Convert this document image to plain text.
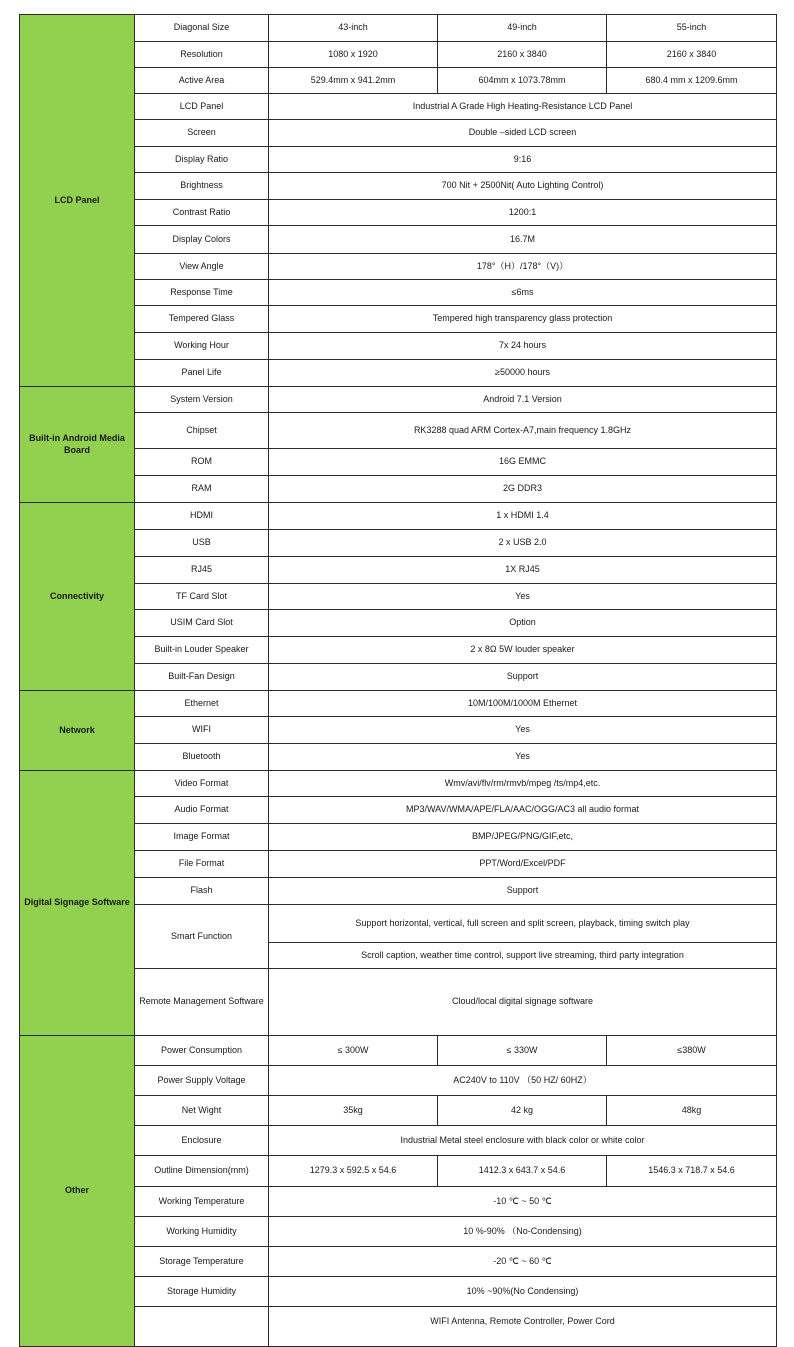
LCD Panel	Diagonal Size	43-inch	49-inch	55-inch
	Resolution	1080 x 1920	2160 x 3840	2160 x 3840
	Active Area	529.4mm x 941.2mm	604mm x 1073.78mm	680.4 mm x 1209.6mm
	LCD Panel	Industrial A Grade High Heating-Resistance LCD Panel		
	Screen	Double –sided LCD screen		
	Display Ratio	9:16		
	Brightness	700 Nit + 2500Nit( Auto Lighting Control)		
	Contrast Ratio	1200:1		
	Display Colors	16.7M		
	View Angle	178°（H）/178°（V)）		
	Response Time	≤6ms		
	Tempered Glass	Tempered high transparency glass protection		
	Working Hour	7x 24 hours		
	Panel Life	≥50000 hours		
Built-in Android Media Board	System Version	Android 7.1 Version		
	Chipset	RK3288 quad ARM Cortex-A7,main frequency 1.8GHz		
	ROM	16G EMMC		
	RAM	2G DDR3		
Connectivity	HDMI	1 x HDMI 1.4		
	USB	2 x USB 2.0		
	RJ45	1X RJ45		
	TF Card Slot	Yes		
	USIM Card Slot	Option		
	Built-in Louder Speaker	2 x 8Ω 5W louder speaker		
	Built-Fan Design	Support		
Network	Ethernet	10M/100M/1000M Ethernet		
	WIFI	Yes		
	Bluetooth	Yes		
Digital Signage Software	Video Format	Wmv/avi/flv/rm/rmvb/mpeg /ts/mp4,etc.		
	Audio Format	MP3/WAV/WMA/APE/FLA/AAC/OGG/AC3 all audio format		
	Image Format	BMP/JPEG/PNG/GIF,etc,		
	File Format	PPT/Word/Excel/PDF		
	Flash	Support		
	Smart Function	Support horizontal, vertical, full screen and split screen, playback, timing switch play		
		Scroll caption, weather time control, support live streaming, third party integration		
	Remote Management Software	Cloud/local digital signage software		
Other	Power Consumption	≤ 300W	≤ 330W	≤380W
	Power Supply Voltage	AC240V to 110V （50 HZ/ 60HZ）		
	Net Wight	35kg	42 kg	48kg
	Enclosure	Industrial Metal steel enclosure with black color or white color		
	Outline Dimension(mm)	1279.3 x 592.5 x 54.6	1412.3 x 643.7 x 54.6	1546.3 x 718.7 x 54.6
	Working Temperature	-10 ℃ ~ 50 ℃		
	Working Humidity	10 %-90% （No-Condensing)		
	Storage Temperature	-20 ℃ ~ 60 ℃		
	Storage Humidity	10% ~90%(No Condensing)		
		WIFI Antenna, Remote Controller, Power Cord		
